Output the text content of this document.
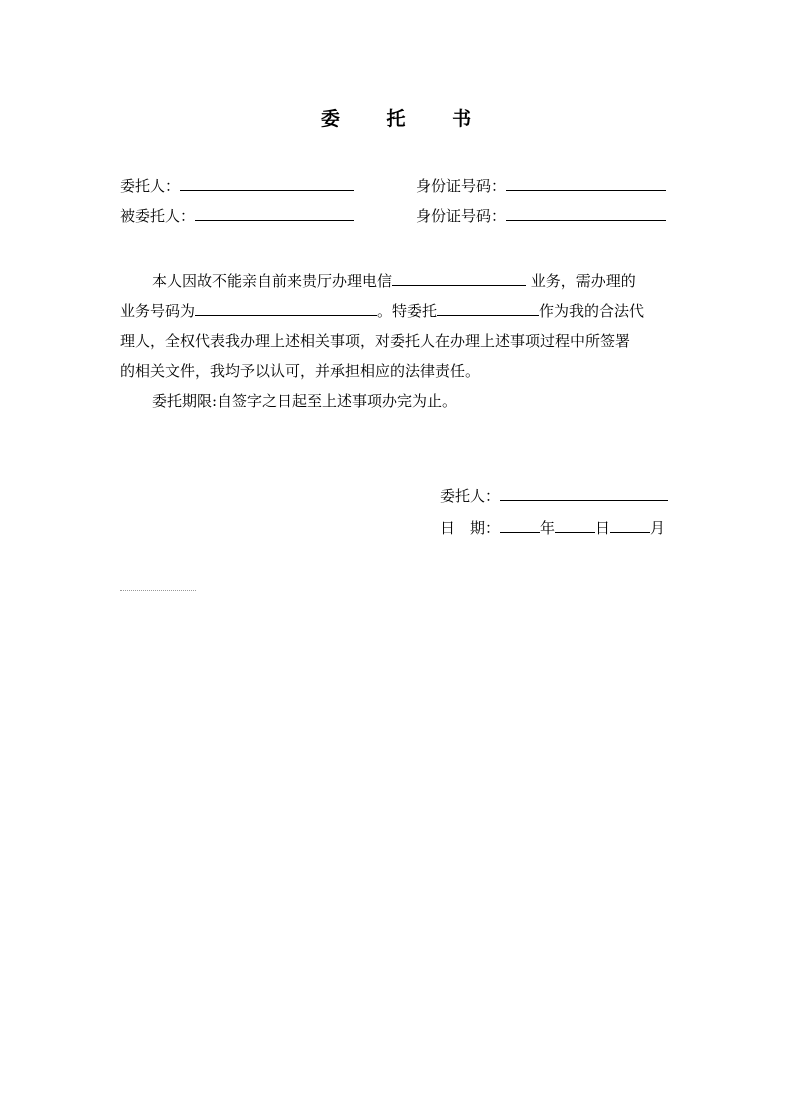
委 托 书
委托人：	身份证号码：
被委托人：	身份证号码：

本人因故不能亲自前来贵厅办理电信	业务，需办理的

业务号码为	。特委托	作为我的合法代

理人，全权代表我办理上述相关事项，对委托人在办理上述事项过程中所签署

的相关文件，我均予以认可，并承担相应的法律责任。

委托期限:自签字之日起至上述事项办完为止。

委托人：
日　期：	年	日	月
